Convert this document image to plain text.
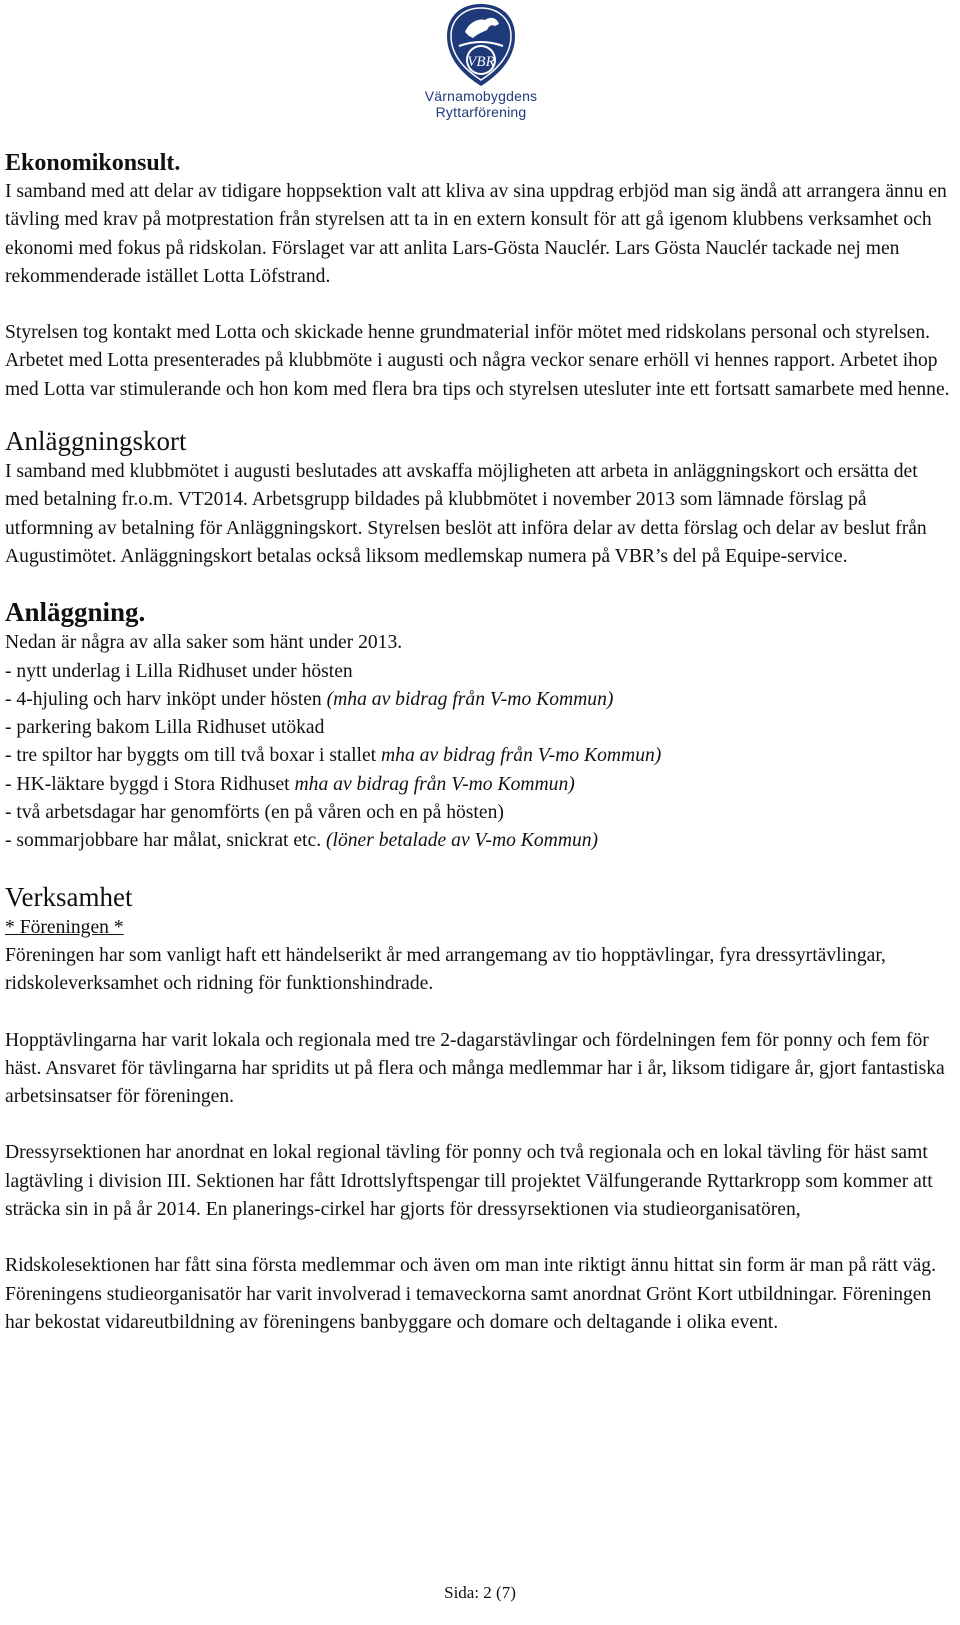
VBR
Värnamobygdens
Ryttarförening
Ekonomikonsult.

I samband med att delar av tidigare hoppsektion valt att kliva av sina uppdrag erbjöd man sig ändå att arrangera ännu en tävling med krav på motprestation från styrelsen att ta in en extern konsult för att gå igenom klubbens verksamhet och ekonomi med fokus på ridskolan. Förslaget var att anlita Lars-Gösta Nauclér. Lars Gösta Nauclér tackade nej men rekommenderade istället Lotta Löfstrand.

Styrelsen tog kontakt med Lotta och skickade henne grundmaterial inför mötet med ridskolans personal och styrelsen. Arbetet med Lotta presenterades på klubbmöte i augusti och några veckor senare erhöll vi hennes rapport. Arbetet ihop med Lotta var stimulerande och hon kom med flera bra tips och styrelsen utesluter inte ett fortsatt samarbete med henne.

Anläggningskort

I samband med klubbmötet i augusti beslutades att avskaffa möjligheten att arbeta in anläggningskort och ersätta det med betalning fr.o.m. VT2014. Arbetsgrupp bildades på klubbmötet i november 2013 som lämnade förslag på utformning av betalning för Anläggningskort. Styrelsen beslöt att införa delar av detta förslag och delar av beslut från Augustimötet. Anläggningskort betalas också liksom medlemskap numera på VBR’s del på Equipe-service.

Anläggning.

Nedan är några av alla saker som hänt under 2013.

- nytt underlag i Lilla Ridhuset under hösten
- 4-hjuling och harv inköpt under hösten (mha av bidrag från V-mo Kommun)
- parkering bakom Lilla Ridhuset utökad
- tre spiltor har byggts om till två boxar i stallet mha av bidrag från V-mo Kommun)
- HK-läktare byggd i Stora Ridhuset mha av bidrag från V-mo Kommun)
- två arbetsdagar har genomförts (en på våren och en på hösten)
- sommarjobbare har målat, snickrat etc. (löner betalade av V-mo Kommun)
Verksamhet

* Föreningen *

Föreningen har som vanligt haft ett händelserikt år med arrangemang av tio hopptävlingar, fyra dressyrtävlingar, ridskoleverksamhet och ridning för funktionshindrade.

Hopptävlingarna har varit lokala och regionala med tre 2-dagarstävlingar och fördelningen fem för ponny och fem för häst. Ansvaret för tävlingarna har spridits ut på flera och många medlemmar har i år, liksom tidigare år, gjort fantastiska arbetsinsatser för föreningen.

Dressyrsektionen har anordnat en lokal regional tävling för ponny och två regionala och en lokal tävling för häst samt lagtävling i division III. Sektionen har fått Idrottslyftspengar till projektet Välfungerande Ryttarkropp som kommer att sträcka sin in på år 2014. En planerings-cirkel har gjorts för dressyrsektionen via studieorganisatören,

Ridskolesektionen har fått sina första medlemmar och även om man inte riktigt ännu hittat sin form är man på rätt väg.

Föreningens studieorganisatör har varit involverad i temaveckorna samt anordnat Grönt Kort utbildningar. Föreningen har bekostat vidareutbildning av föreningens banbyggare och domare och deltagande i olika event.

Sida: 2 (7)
